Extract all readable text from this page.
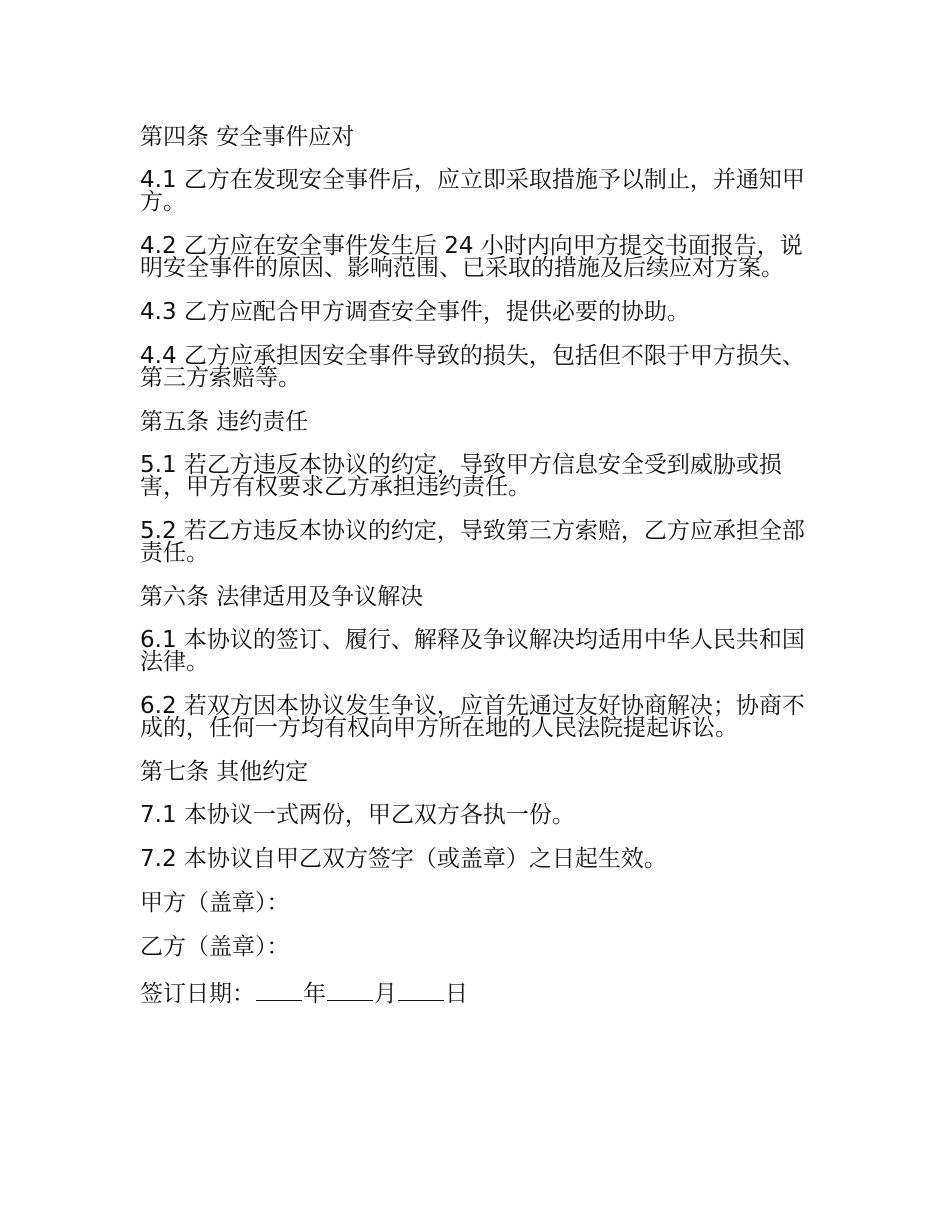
第四条 安全事件应对
4.1 乙方在发现安全事件后，应立即采取措施予以制止，并通知甲方。
4.2 乙方应在安全事件发生后 24 小时内向甲方提交书面报告，说明安全事件的原因、影响范围、已采取的措施及后续应对方案。
4.3 乙方应配合甲方调查安全事件，提供必要的协助。
4.4 乙方应承担因安全事件导致的损失，包括但不限于甲方损失、第三方索赔等。
第五条 违约责任
5.1 若乙方违反本协议的约定，导致甲方信息安全受到威胁或损害，甲方有权要求乙方承担违约责任。
5.2 若乙方违反本协议的约定，导致第三方索赔，乙方应承担全部责任。
第六条 法律适用及争议解决
6.1 本协议的签订、履行、解释及争议解决均适用中华人民共和国法律。
6.2 若双方因本协议发生争议，应首先通过友好协商解决；协商不成的，任何一方均有权向甲方所在地的人民法院提起诉讼。
第七条 其他约定
7.1 本协议一式两份，甲乙双方各执一份。
7.2 本协议自甲乙双方签字（或盖章）之日起生效。
甲方（盖章）：
乙方（盖章）：
签订日期： 年 月 日
